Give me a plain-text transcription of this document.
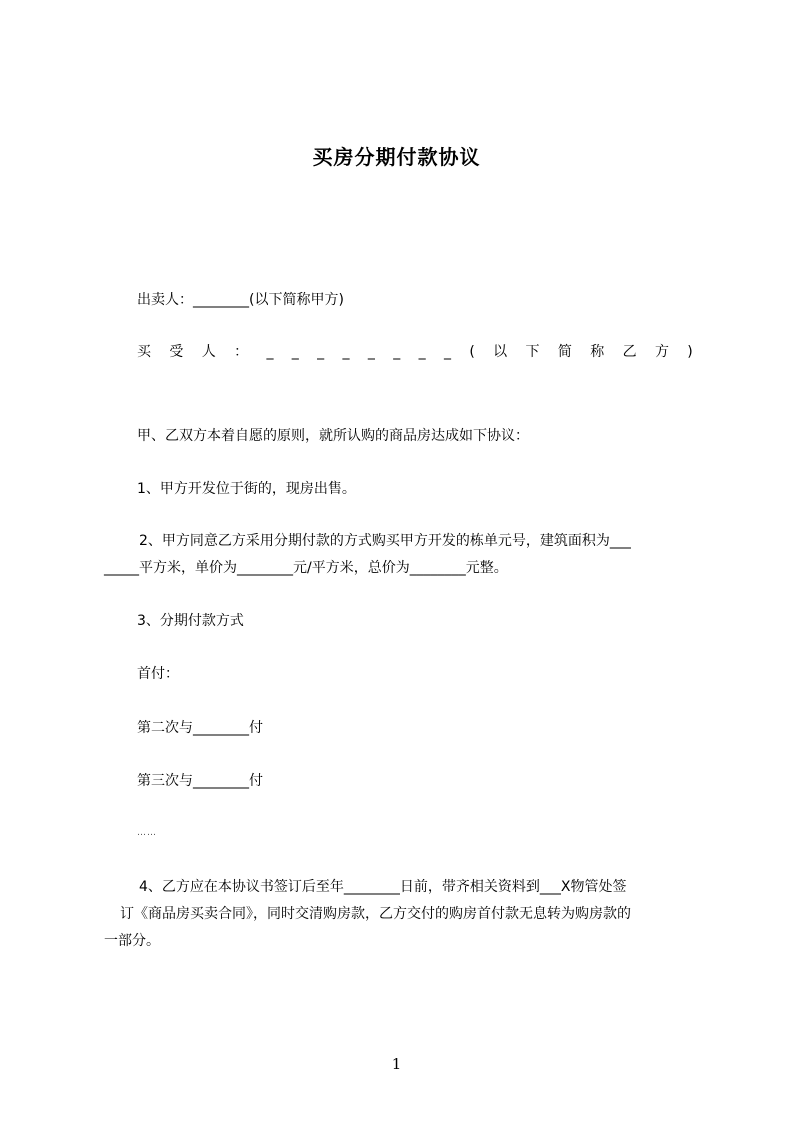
买房分期付款协议
出卖人：________(以下简称甲方)
买 受 人 ： _ _ _ _ _ _ _ _ ( 以 下 简 称 乙 方 )
甲、乙双方本着自愿的原则，就所认购的商品房达成如下协议：
1、甲方开发位于街的，现房出售。
2、甲方同意乙方采用分期付款的方式购买甲方开发的栋单元号，建筑面积为___
_____平方米，单价为________元/平方米，总价为________元整。
3、分期付款方式
首付：
第二次与________付
第三次与________付
……
4、乙方应在本协议书签订后至年________日前，带齐相关资料到___X物管处签
订《商品房买卖合同》，同时交清购房款，乙方交付的购房首付款无息转为购房款的
一部分。
1
